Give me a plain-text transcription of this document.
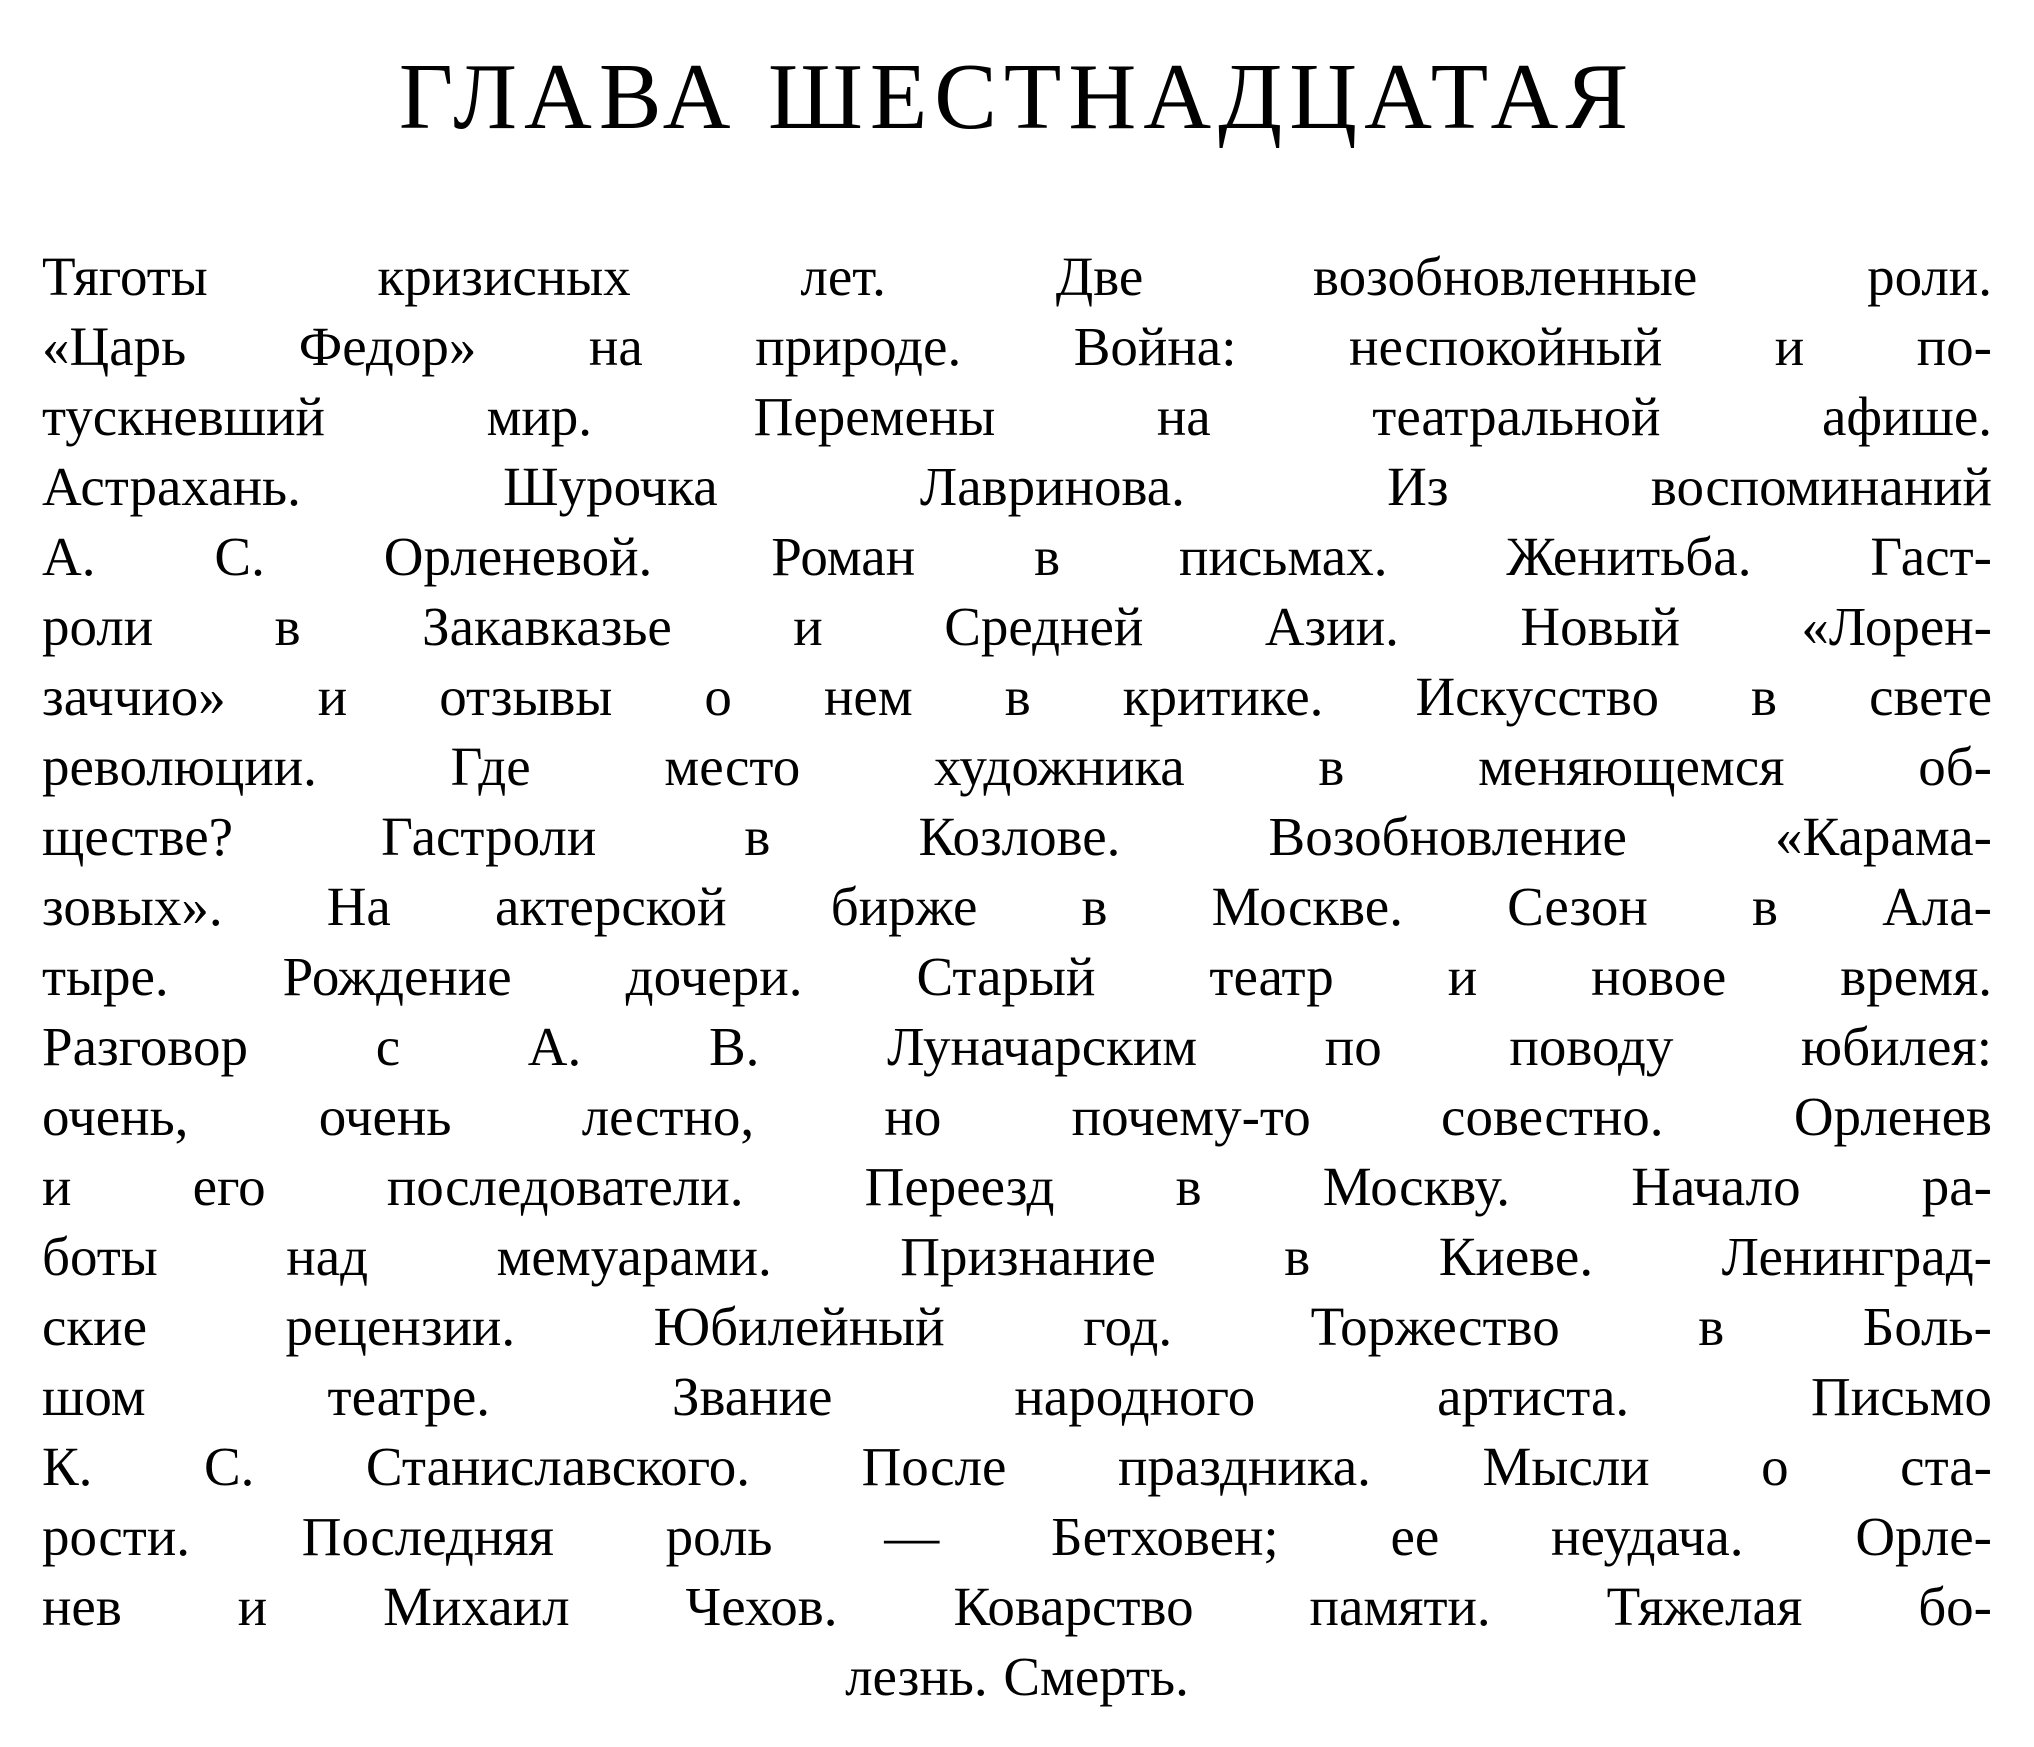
ГЛАВА ШЕСТНАДЦАТАЯ
Тяготы кризисных лет. Две возобновленные роли.
«Царь Федор» на природе. Война: неспокойный и по-
тускневший мир. Перемены на театральной афише.
Астрахань. Шурочка Лавринова. Из воспоминаний
А. С. Орленевой. Роман в письмах. Женитьба. Гаст-
роли в Закавказье и Средней Азии. Новый «Лорен-
заччио» и отзывы о нем в критике. Искусство в свете
революции. Где место художника в меняющемся об-
ществе? Гастроли в Козлове. Возобновление «Карама-
зовых». На актерской бирже в Москве. Сезон в Ала-
тыре. Рождение дочери. Старый театр и новое время.
Разговор с А. В. Луначарским по поводу юбилея:
очень, очень лестно, но почему-то совестно. Орленев
и его последователи. Переезд в Москву. Начало ра-
боты над мемуарами. Признание в Киеве. Ленинград-
ские рецензии. Юбилейный год. Торжество в Боль-
шом театре. Звание народного артиста. Письмо
К. С. Станиславского. После праздника. Мысли о ста-
рости. Последняя роль — Бетховен; ее неудача. Орле-
нев и Михаил Чехов. Коварство памяти. Тяжелая бо-
лезнь. Смерть.
